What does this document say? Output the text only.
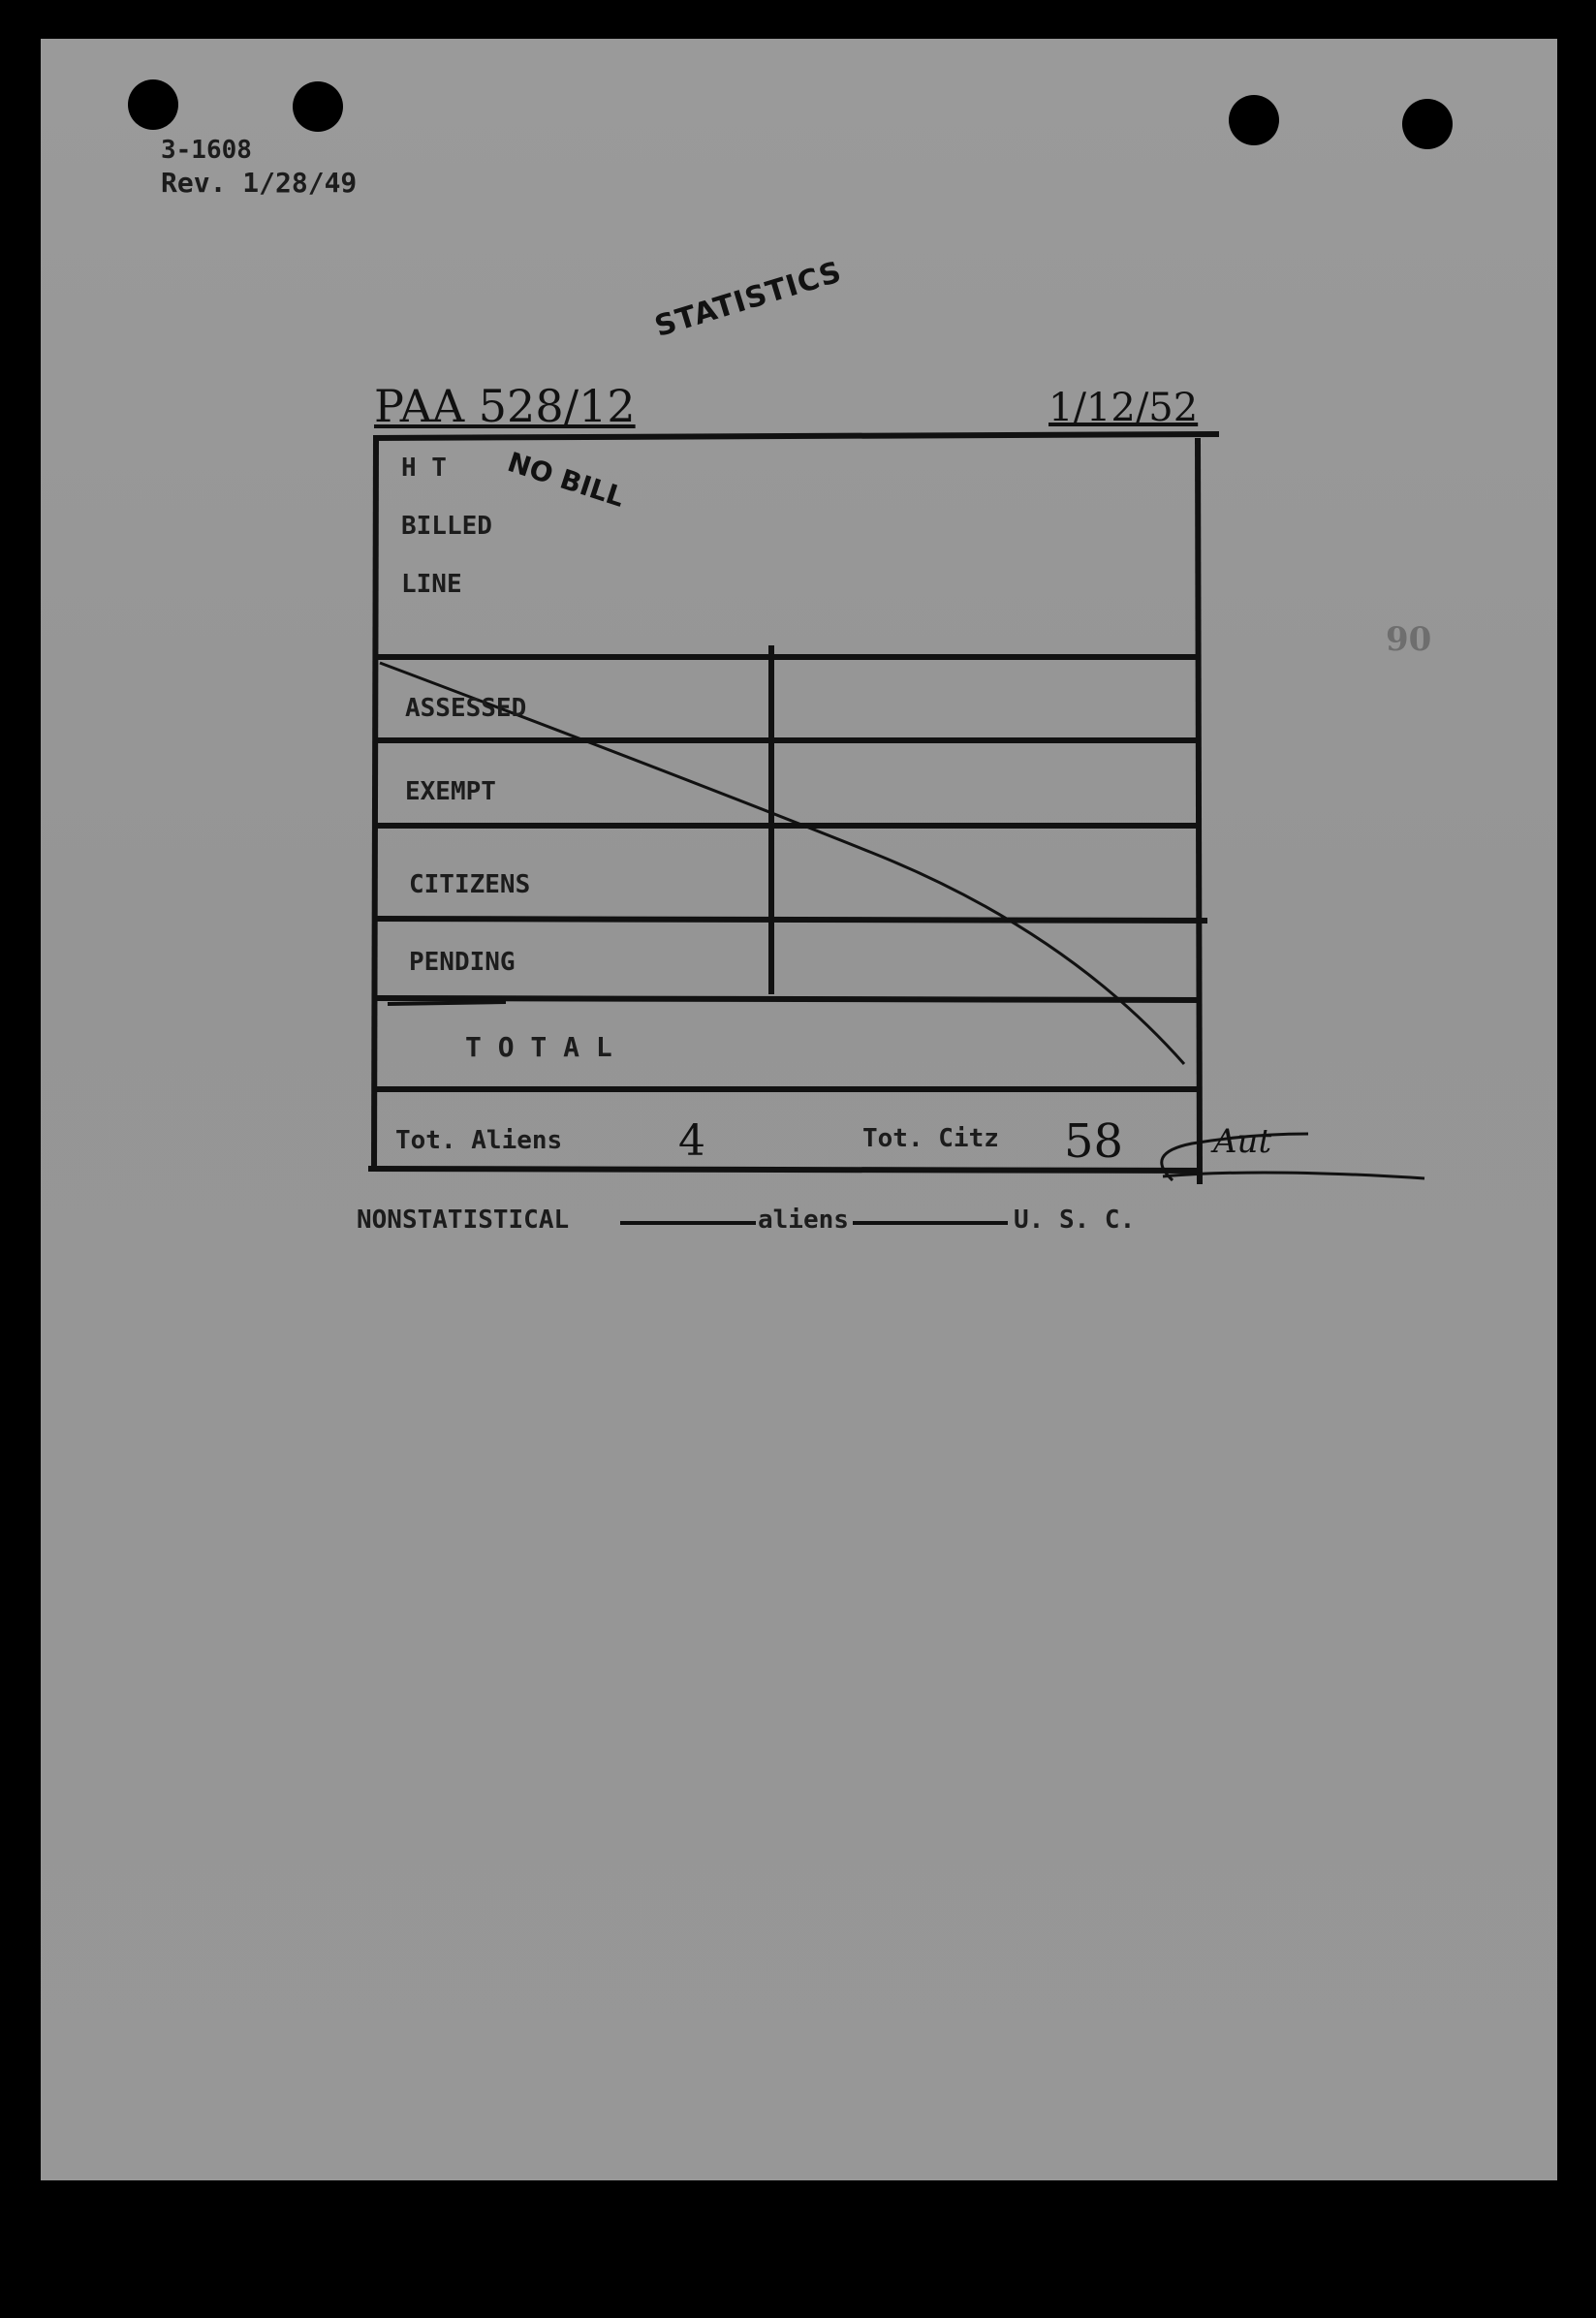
3-1608
Rev. 1/28/49
STATISTICS
PAA 528/12	1/12/52
NO BILL
H T
BILLED
LINE
ASSESSED
EXEMPT
CITIZENS
PENDING
T O T A L
Tot. Aliens	4	Tot. Citz 58	Aut
NONSTATISTICAL	aliens	U. S. C.
90
